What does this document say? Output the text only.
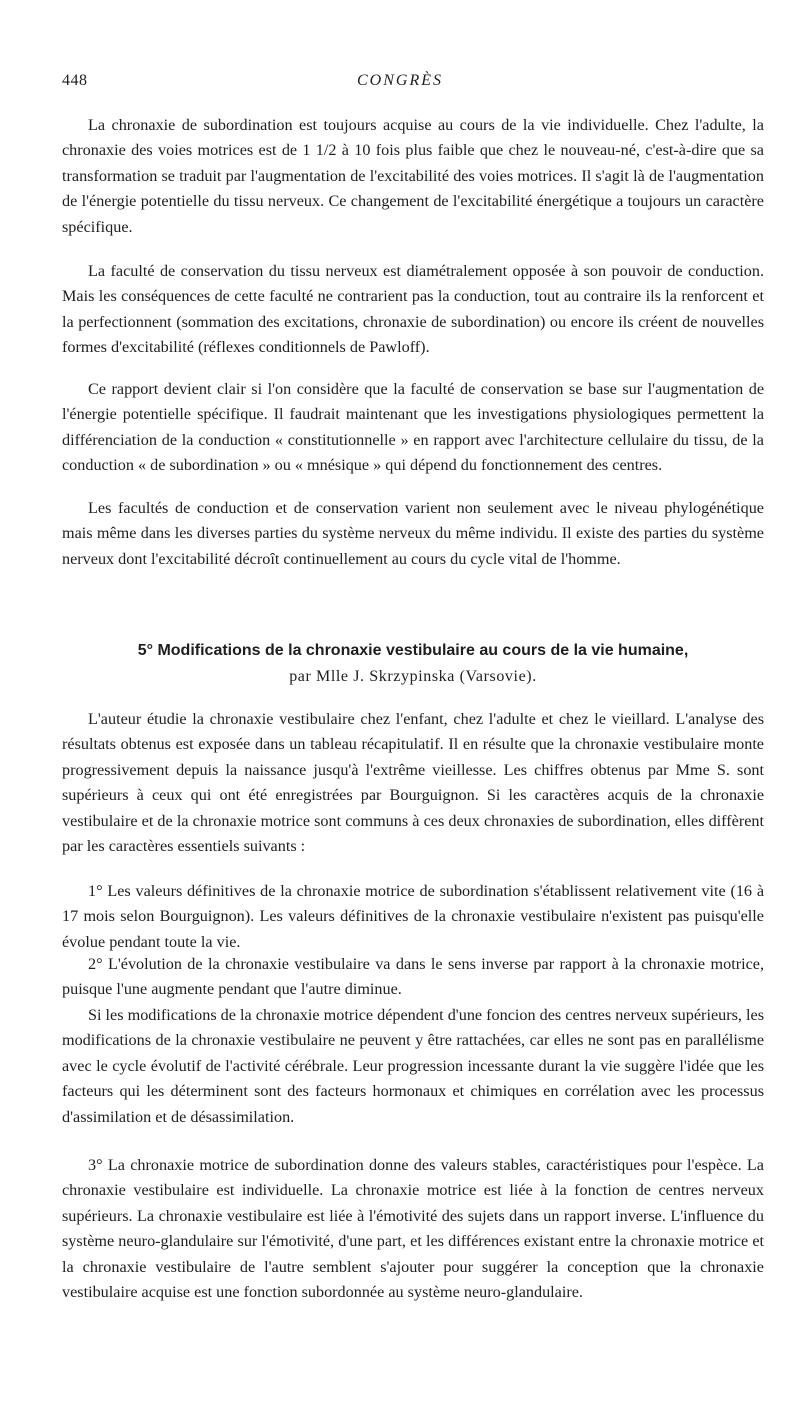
448	CONGRÈS

La chronaxie de subordination est toujours acquise au cours de la vie individuelle. Chez l'adulte, la chronaxie des voies motrices est de 1 1/2 à 10 fois plus faible que chez le nouveau-né, c'est-à-dire que sa transformation se traduit par l'augmentation de l'excitabilité des voies motrices. Il s'agit là de l'augmentation de l'énergie potentielle du tissu nerveux. Ce changement de l'excitabilité énergétique a toujours un caractère spécifique.

La faculté de conservation du tissu nerveux est diamétralement opposée à son pouvoir de conduction. Mais les conséquences de cette faculté ne contrarient pas la conduction, tout au contraire ils la renforcent et la perfectionnent (sommation des excitations, chronaxie de subordination) ou encore ils créent de nouvelles formes d'excitabilité (réflexes conditionnels de Pawloff).

Ce rapport devient clair si l'on considère que la faculté de conservation se base sur l'augmentation de l'énergie potentielle spécifique. Il faudrait maintenant que les investigations physiologiques permettent la différenciation de la conduction « constitutionnelle » en rapport avec l'architecture cellulaire du tissu, de la conduction « de subordination » ou « mnésique » qui dépend du fonctionnement des centres.

Les facultés de conduction et de conservation varient non seulement avec le niveau phylogénétique mais même dans les diverses parties du système nerveux du même individu. Il existe des parties du système nerveux dont l'excitabilité décroît continuellement au cours du cycle vital de l'homme.

5° Modifications de la chronaxie vestibulaire au cours de la vie humaine,
par Mlle J. Skrzypinska (Varsovie).

L'auteur étudie la chronaxie vestibulaire chez l'enfant, chez l'adulte et chez le vieillard. L'analyse des résultats obtenus est exposée dans un tableau récapitulatif. Il en résulte que la chronaxie vestibulaire monte progressivement depuis la naissance jusqu'à l'extrême vieillesse. Les chiffres obtenus par Mme S. sont supérieurs à ceux qui ont été enregistrées par Bourguignon. Si les caractères acquis de la chronaxie vestibulaire et de la chronaxie motrice sont communs à ces deux chronaxies de subordination, elles diffèrent par les caractères essentiels suivants :

1° Les valeurs définitives de la chronaxie motrice de subordination s'établissent relativement vite (16 à 17 mois selon Bourguignon). Les valeurs définitives de la chronaxie vestibulaire n'existent pas puisqu'elle évolue pendant toute la vie.

2° L'évolution de la chronaxie vestibulaire va dans le sens inverse par rapport à la chronaxie motrice, puisque l'une augmente pendant que l'autre diminue.

Si les modifications de la chronaxie motrice dépendent d'une foncion des centres nerveux supérieurs, les modifications de la chronaxie vestibulaire ne peuvent y être rattachées, car elles ne sont pas en parallélisme avec le cycle évolutif de l'activité cérébrale. Leur progression incessante durant la vie suggère l'idée que les facteurs qui les déterminent sont des facteurs hormonaux et chimiques en corrélation avec les processus d'assimilation et de désassimilation.

3° La chronaxie motrice de subordination donne des valeurs stables, caractéristiques pour l'espèce. La chronaxie vestibulaire est individuelle. La chronaxie motrice est liée à la fonction de centres nerveux supérieurs. La chronaxie vestibulaire est liée à l'émotivité des sujets dans un rapport inverse. L'influence du système neuro-glandulaire sur l'émotivité, d'une part, et les différences existant entre la chronaxie motrice et la chronaxie vestibulaire de l'autre semblent s'ajouter pour suggérer la conception que la chronaxie vestibulaire acquise est une fonction subordonnée au système neuro-glandulaire.
